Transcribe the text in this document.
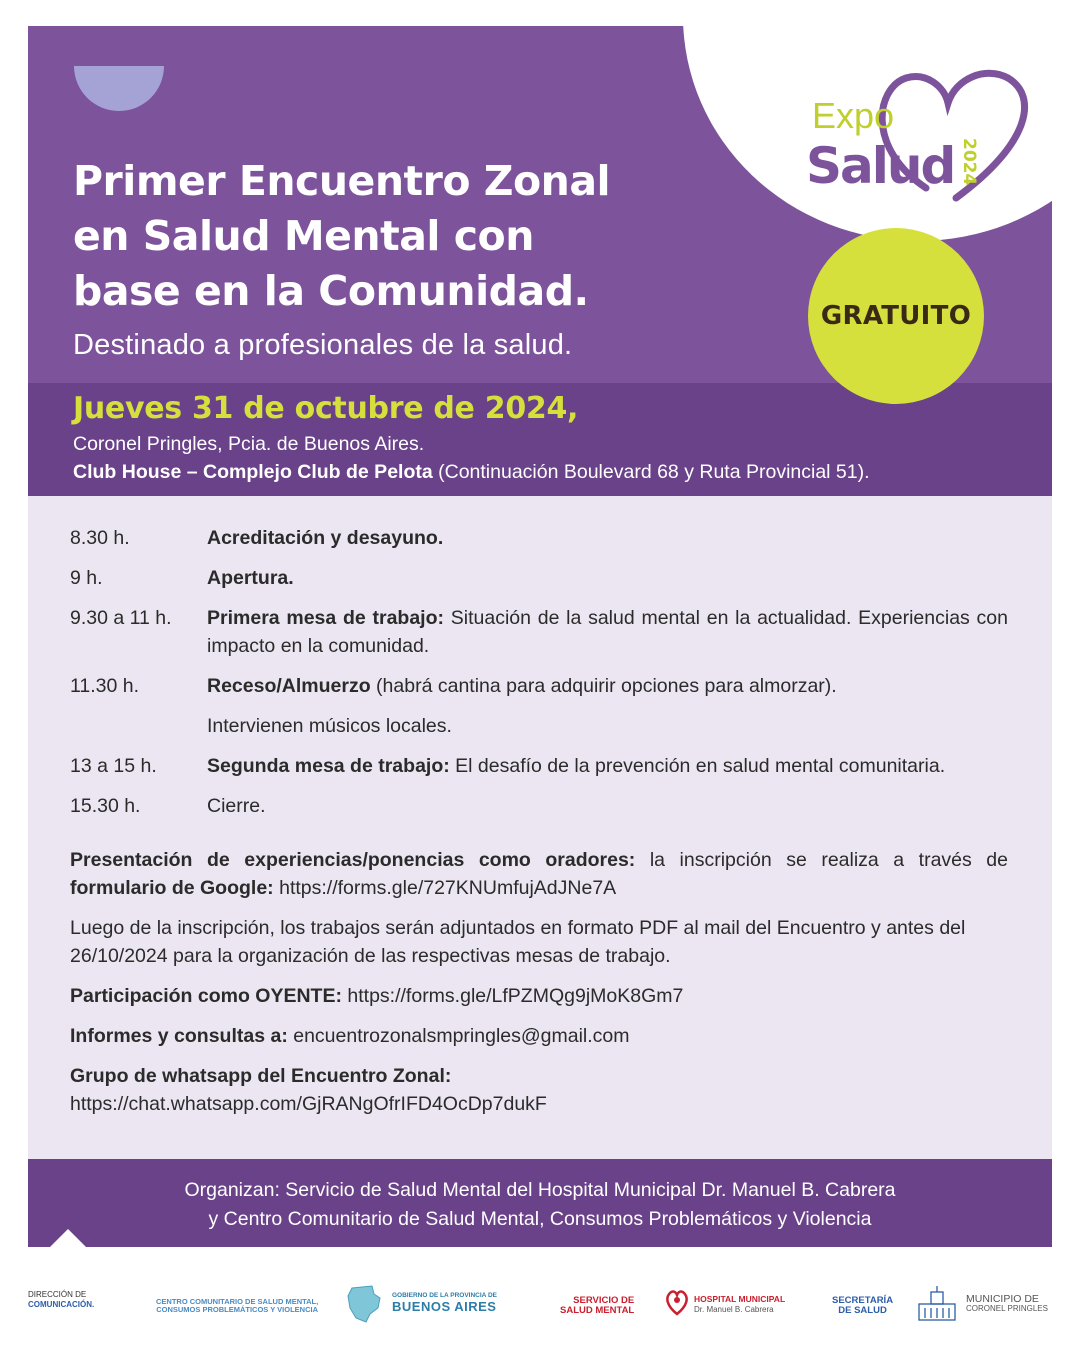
Expo
Salud 2024
Primer Encuentro Zonal
en Salud Mental con
base en la Comunidad.
Destinado a profesionales de la salud.
GRATUITO
Jueves 31 de octubre de 2024,
Coronel Pringles, Pcia. de Buenos Aires.
Club House – Complejo Club de Pelota (Continuación Boulevard 68 y Ruta Provincial 51).
8.30 h.	Acreditación y desayuno.
9 h.	Apertura.
9.30 a 11 h.	Primera mesa de trabajo: Situación de la salud mental en la actualidad. Experiencias con impacto en la comunidad.
11.30 h.	Receso/Almuerzo (habrá cantina para adquirir opciones para almorzar).
Intervienen músicos locales.
13 a 15 h.	Segunda mesa de trabajo: El desafío de la prevención en salud mental comunitaria.
15.30 h.	Cierre.
Presentación de experiencias/ponencias como oradores: la inscripción se realiza a través de formulario de Google: https://forms.gle/727KNUmfujAdJNe7A
Luego de la inscripción, los trabajos serán adjuntados en formato PDF al mail del Encuentro y antes del 26/10/2024 para la organización de las respectivas mesas de trabajo.
Participación como OYENTE: https://forms.gle/LfPZMQg9jMoK8Gm7
Informes y consultas a: encuentrozonalsmpringles@gmail.com
Grupo de whatsapp del Encuentro Zonal:
https://chat.whatsapp.com/GjRANgOfrIFD4OcDp7dukF
Organizan: Servicio de Salud Mental del Hospital Municipal Dr. Manuel B. Cabrera
y Centro Comunitario de Salud Mental, Consumos Problemáticos y Violencia
DIRECCIÓN DE
COMUNICACIÓN.	CENTRO COMUNITARIO DE SALUD MENTAL,
CONSUMOS PROBLEMÁTICOS Y VIOLENCIA
GOBIERNO DE LA PROVINCIA DE
BUENOS AIRES	SERVICIO DE
SALUD MENTAL
HOSPITAL MUNICIPAL
Dr. Manuel B. Cabrera
SECRETARÍA
DE SALUD
MUNICIPIO DE
CORONEL PRINGLES
